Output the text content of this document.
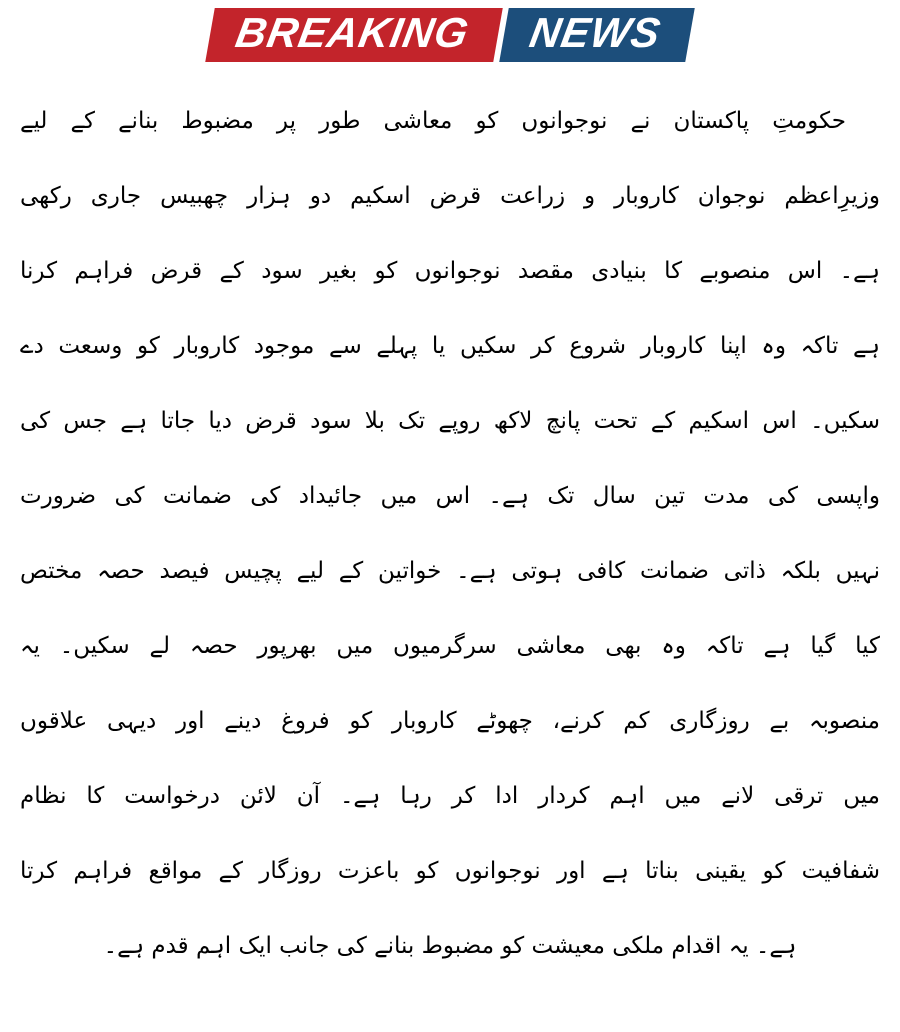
BREAKING NEWS
حکومتِ پاکستان نے نوجوانوں کو معاشی طور پر مضبوط بنانے کے لیے
وزیرِاعظم نوجوان کاروبار و زراعت قرض اسکیم دو ہزار چھبیس جاری رکھی
ہے۔ اس منصوبے کا بنیادی مقصد نوجوانوں کو بغیر سود کے قرض فراہم کرنا
ہے تاکہ وہ اپنا کاروبار شروع کر سکیں یا پہلے سے موجود کاروبار کو وسعت دے
سکیں۔ اس اسکیم کے تحت پانچ لاکھ روپے تک بلا سود قرض دیا جاتا ہے جس کی
واپسی کی مدت تین سال تک ہے۔ اس میں جائیداد کی ضمانت کی ضرورت
نہیں بلکہ ذاتی ضمانت کافی ہوتی ہے۔ خواتین کے لیے پچیس فیصد حصہ مختص
کیا گیا ہے تاکہ وہ بھی معاشی سرگرمیوں میں بھرپور حصہ لے سکیں۔ یہ
منصوبہ بے روزگاری کم کرنے، چھوٹے کاروبار کو فروغ دینے اور دیہی علاقوں
میں ترقی لانے میں اہم کردار ادا کر رہا ہے۔ آن لائن درخواست کا نظام
شفافیت کو یقینی بناتا ہے اور نوجوانوں کو باعزت روزگار کے مواقع فراہم کرتا
ہے۔ یہ اقدام ملکی معیشت کو مضبوط بنانے کی جانب ایک اہم قدم ہے۔
